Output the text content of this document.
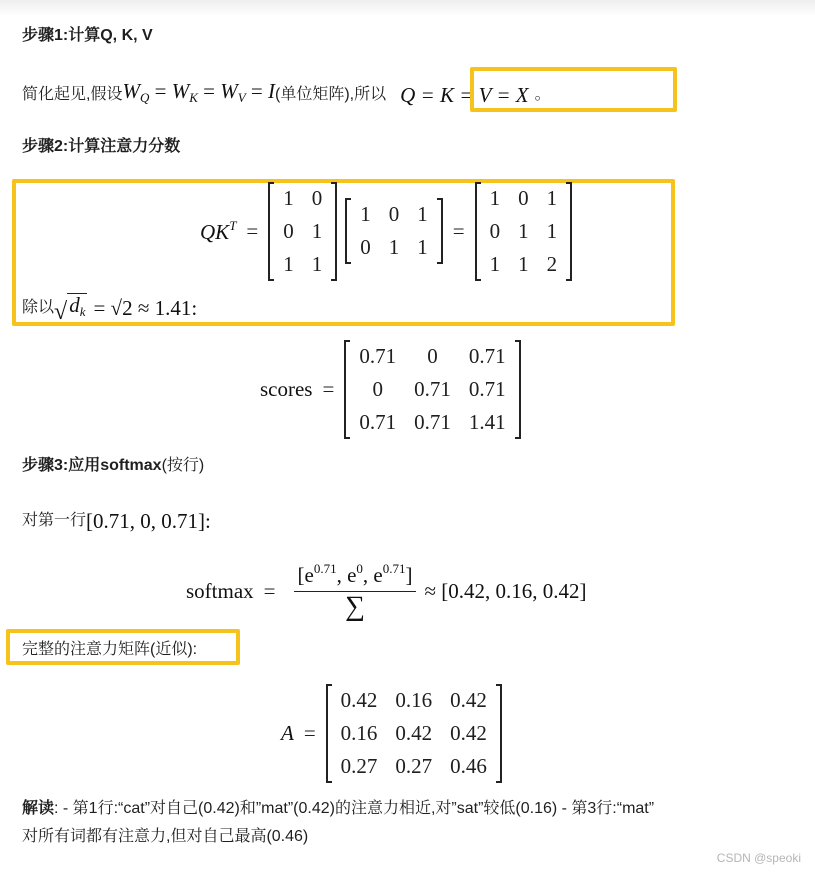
步骤1:计算Q, K, V
简化起见,假设 $W_Q = W_K = W_V = I$ (单位矩阵),所以 Q = K = V = X 。
步骤2:计算注意力分数
$QK^T$ =
1	0
0	1
1	1
1	0	1
0	1	1
=
1	0	1
0	1	1
1	1	2
除以 √ $d_k = √2 \approx 1.41$:
scores =
0.71	0	0.71
0	0.71	0.71
0.71	0.71	1.41
步骤3:应用softmax(按行)
对第一行 [0.71, 0, 0.71]:
softmax = $\frac{[e^{0.71}, e^0, e^{0.71}]}{\sum} \approx [0.42$, 0.16, 0.42]
完整的注意力矩阵(近似):
A =
0.42	0.16	0.42
0.16	0.42	0.42
0.27	0.27	0.46
解读: - 第1行:“cat”对自己(0.42)和”mat”(0.42)的注意力相近,对”sat”较低(0.16) - 第3行:“mat”
对所有词都有注意力,但对自己最高(0.46)
CSDN @speoki
